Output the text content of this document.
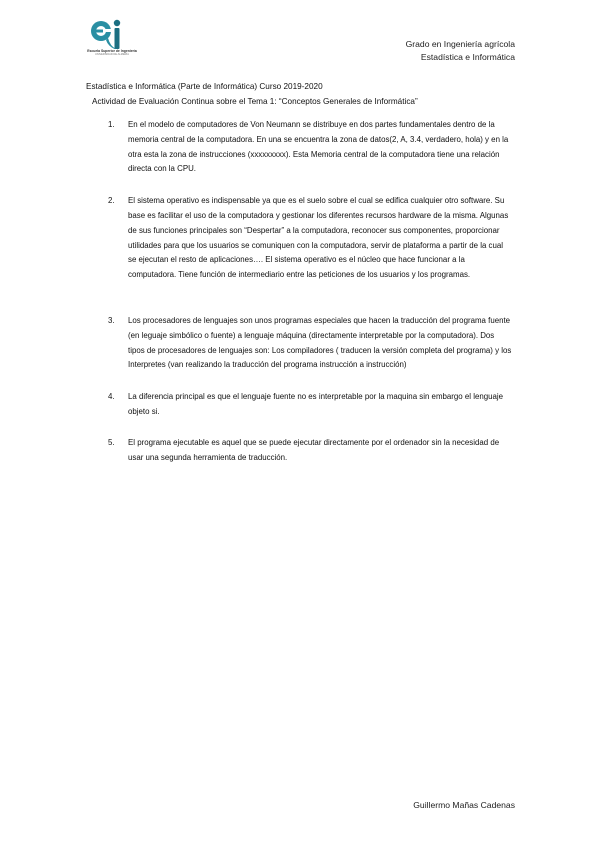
Escuela Superior de Ingeniería
UNIVERSIDAD DE ALMERÍA
Grado en Ingeniería agrícola
Estadística e Informática
Estadística e Informática (Parte de Informática) Curso 2019-2020
Actividad de Evaluación Continua sobre el Tema 1: “Conceptos Generales de Informática”
1.	En el modelo de computadores de Von Neumann se distribuye en dos partes fundamentales dentro de la memoria central de la computadora. En una se encuentra la zona de datos(2, A, 3.4, verdadero, hola) y en la otra esta la zona de instrucciones (xxxxxxxxx). Esta Memoria central de la computadora tiene una relación directa con la CPU.
2.	El sistema operativo es indispensable ya que es el suelo sobre el cual se edifica cualquier otro software. Su base es facilitar el uso de la computadora y gestionar los diferentes recursos hardware de la misma. Algunas de sus funciones principales son “Despertar” a la computadora, reconocer sus componentes, proporcionar utilidades para que los usuarios se comuniquen con la computadora, servir de plataforma a partir de la cual se ejecutan el resto de aplicaciones…. El sistema operativo es el núcleo que hace funcionar a la computadora. Tiene función de intermediario entre las peticiones de los usuarios y los programas.
3.	Los procesadores de lenguajes son unos programas especiales que hacen la traducción del programa fuente (en leguaje simbólico o fuente) a lenguaje máquina (directamente interpretable por la computadora). Dos tipos de procesadores de lenguajes son: Los compiladores ( traducen la versión completa del programa) y los Interpretes (van realizando la traducción del programa instrucción a instrucción)
4.	La diferencia principal es que el lenguaje fuente no es interpretable por la maquina sin embargo el lenguaje objeto si.
5.	El programa ejecutable es aquel que se puede ejecutar directamente por el ordenador sin la necesidad de usar una segunda herramienta de traducción.
Guillermo Mañas Cadenas
